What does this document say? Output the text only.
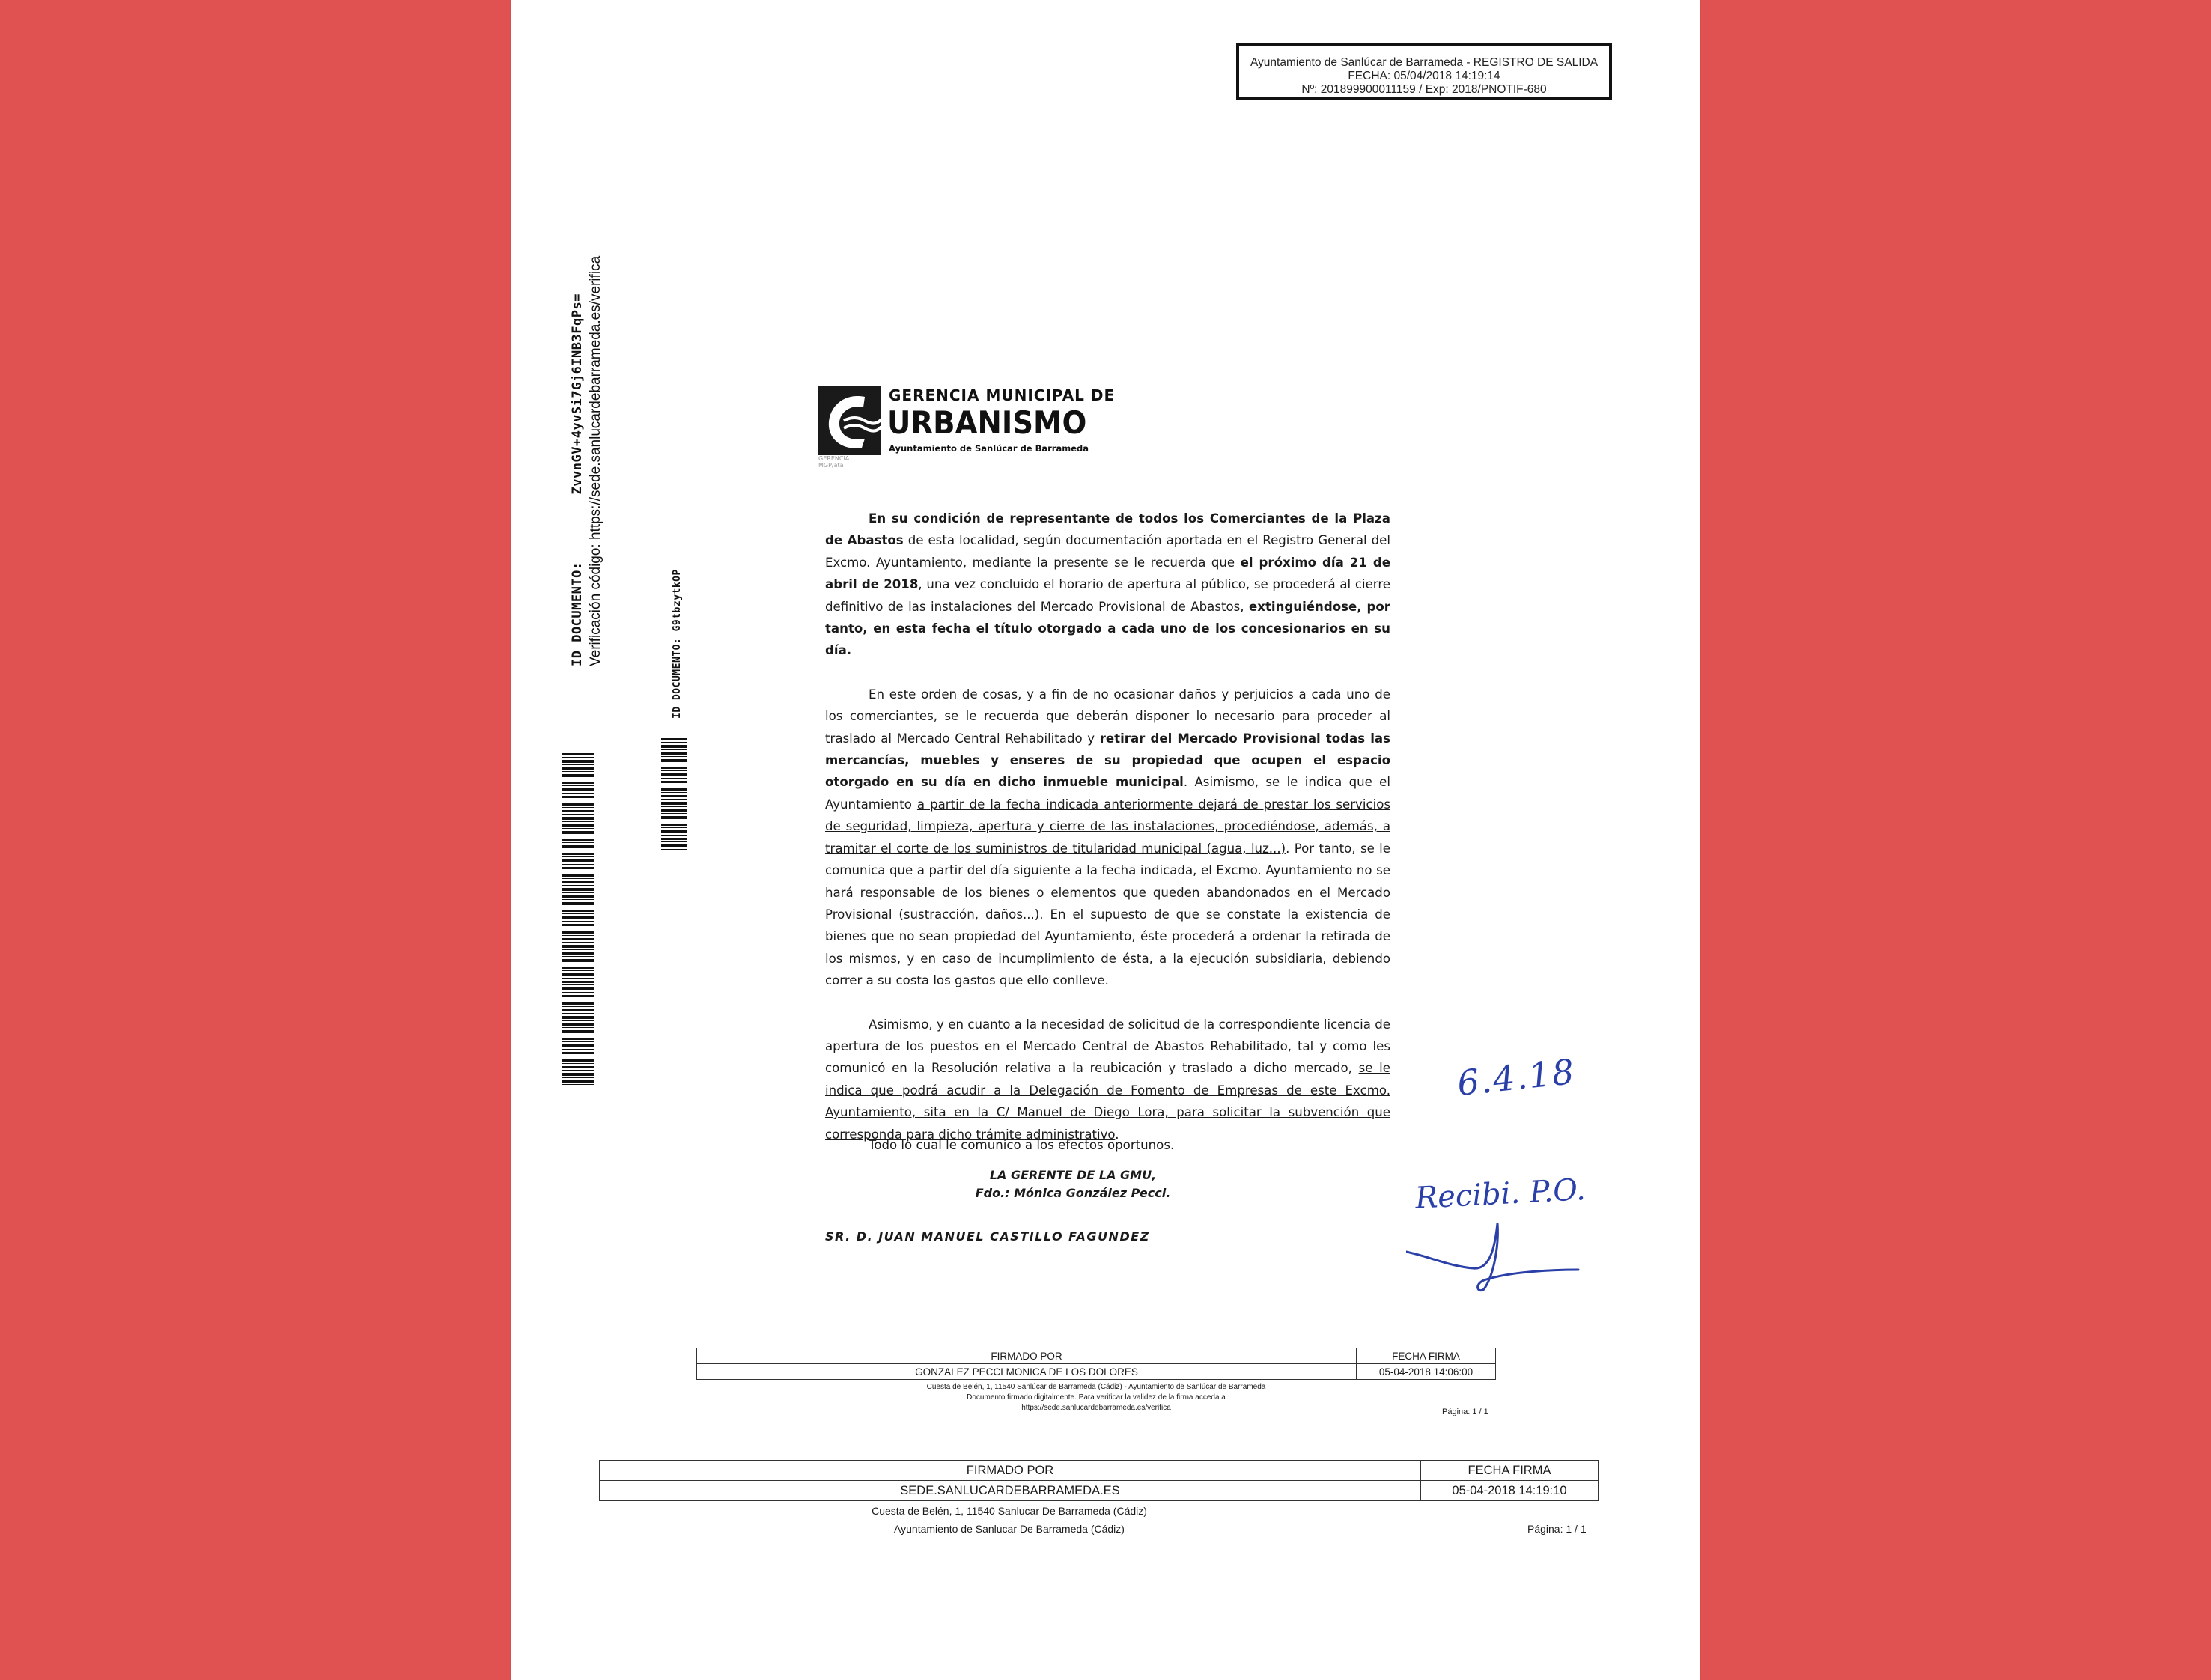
Ayuntamiento de Sanlúcar de Barrameda - REGISTRO DE SALIDA
FECHA: 05/04/2018 14:19:14
Nº: 201899900011159 / Exp: 2018/PNOTIF-680
ID DOCUMENTO:ZvvnGV+4yvSi7Gj6INB3FqPs= Verificación código: https://sede.sanlucardebarrameda.es/verifica	ID DOCUMENTO: G9tbzytkOP
GERENCIA MUNICIPAL DE
URBANISMO
Ayuntamiento de Sanlúcar de Barrameda
GERENCIA
MGP/ata

En su condición de representante de todos los Comerciantes de la Plaza de Abastos de esta localidad, según documentación aportada en el Registro General del Excmo. Ayuntamiento, mediante la presente se le recuerda que el próximo día 21 de abril de 2018, una vez concluido el horario de apertura al público, se procederá al cierre definitivo de las instalaciones del Mercado Provisional de Abastos, extinguiéndose, por tanto, en esta fecha el título otorgado a cada uno de los concesionarios en su día.

En este orden de cosas, y a fin de no ocasionar daños y perjuicios a cada uno de los comerciantes, se le recuerda que deberán disponer lo necesario para proceder al traslado al Mercado Central Rehabilitado y retirar del Mercado Provisional todas las mercancías, muebles y enseres de su propiedad que ocupen el espacio otorgado en su día en dicho inmueble municipal. Asimismo, se le indica que el Ayuntamiento a partir de la fecha indicada anteriormente dejará de prestar los servicios de seguridad, limpieza, apertura y cierre de las instalaciones, procediéndose, además, a tramitar el corte de los suministros de titularidad municipal (agua, luz...). Por tanto, se le comunica que a partir del día siguiente a la fecha indicada, el Excmo. Ayuntamiento no se hará responsable de los bienes o elementos que queden abandonados en el Mercado Provisional (sustracción, daños...). En el supuesto de que se constate la existencia de bienes que no sean propiedad del Ayuntamiento, éste procederá a ordenar la retirada de los mismos, y en caso de incumplimiento de ésta, a la ejecución subsidiaria, debiendo correr a su costa los gastos que ello conlleve.

Asimismo, y en cuanto a la necesidad de solicitud de la correspondiente licencia de apertura de los puestos en el Mercado Central de Abastos Rehabilitado, tal y como les comunicó en la Resolución relativa a la reubicación y traslado a dicho mercado, se le indica que podrá acudir a la Delegación de Fomento de Empresas de este Excmo. Ayuntamiento, sita en la C/ Manuel de Diego Lora, para solicitar la subvención que corresponda para dicho trámite administrativo.

Todo lo cual le comunico a los efectos oportunos.
LA GERENTE DE LA GMU,
Fdo.: Mónica González Pecci.
SR. D. JUAN MANUEL CASTILLO FAGUNDEZ
6.4.18
Recibi. P.O.
FIRMADO POR	FECHA FIRMA
GONZALEZ PECCI MONICA DE LOS DOLORES	05-04-2018 14:06:00
Cuesta de Belén, 1, 11540 Sanlúcar de Barrameda (Cádiz) - Ayuntamiento de Sanlúcar de Barrameda
Documento firmado digitalmente. Para verificar la validez de la firma acceda a
https://sede.sanlucardebarrameda.es/verifica	Página: 1 / 1
FIRMADO POR	FECHA FIRMA
SEDE.SANLUCARDEBARRAMEDA.ES	05-04-2018 14:19:10
Cuesta de Belén, 1, 11540 Sanlucar De Barrameda (Cádiz)
Ayuntamiento de Sanlucar De Barrameda (Cádiz)	Página: 1 / 1
